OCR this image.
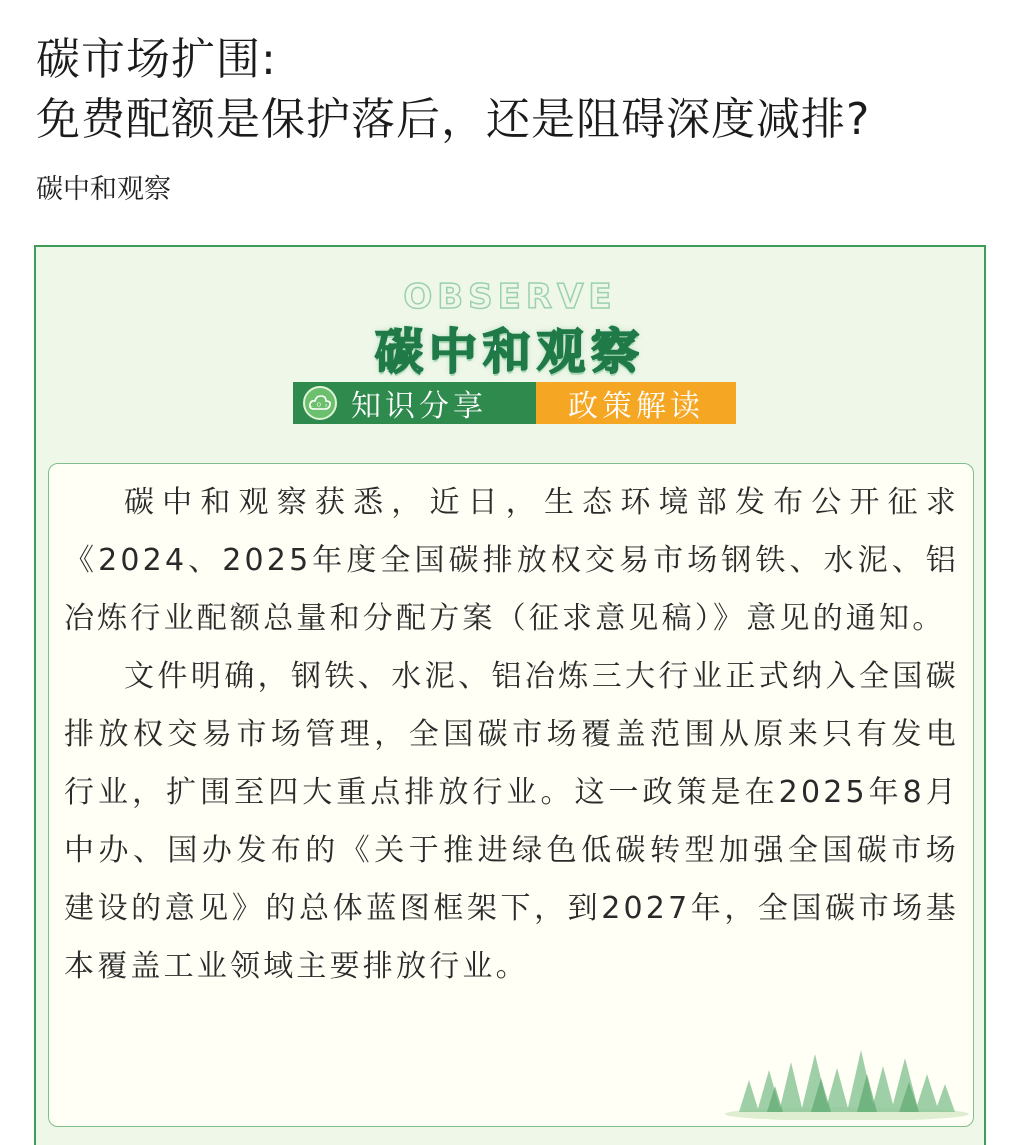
碳市场扩围:
免费配额是保护落后，还是阻碍深度减排?
碳中和观察
OBSERVE
碳中和观察
CO₂ 知识分享	政策解读

碳中和观察获悉，近日，生态环境部发布公开征求《2024、2025年度全国碳排放权交易市场钢铁、水泥、铝冶炼行业配额总量和分配方案（征求意见稿）》意见的通知。

文件明确，钢铁、水泥、铝冶炼三大行业正式纳入全国碳排放权交易市场管理，全国碳市场覆盖范围从原来只有发电行业，扩围至四大重点排放行业。这一政策是在2025年8月中办、国办发布的《关于推进绿色低碳转型加强全国碳市场建设的意见》的总体蓝图框架下，到2027年，全国碳市场基本覆盖工业领域主要排放行业。
